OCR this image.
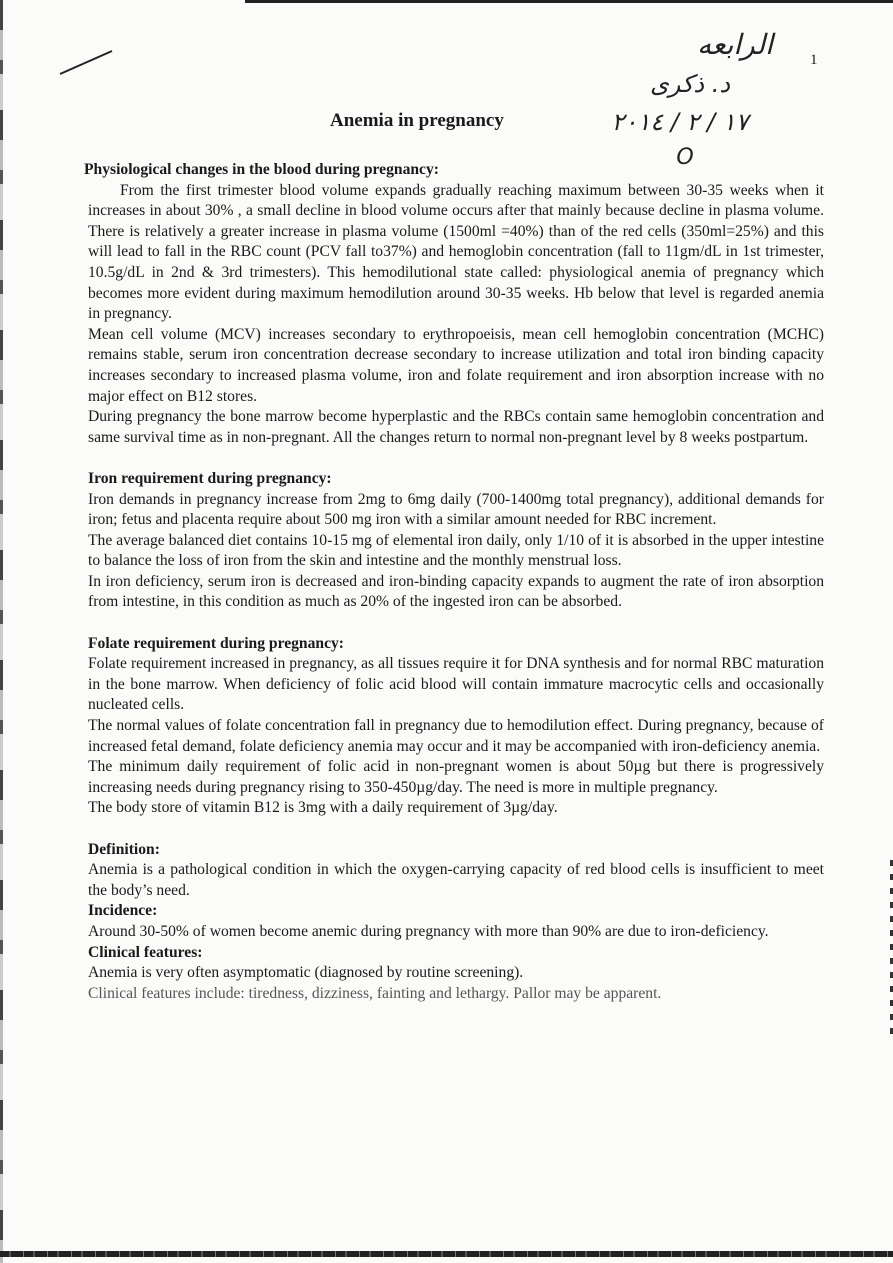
1
الرابعه
د. ذكرى
١٧ / ٢ / ٢٠١٤
O
Anemia in pregnancy
Physiological changes in the blood during pregnancy:

From the first trimester blood volume expands gradually reaching maximum between 30-35 weeks when it increases in about 30% , a small decline in blood volume occurs after that mainly because decline in plasma volume. There is relatively a greater increase in plasma volume (1500ml =40%) than of the red cells (350ml=25%) and this will lead to fall in the RBC count (PCV fall to37%) and hemoglobin concentration (fall to 11gm/dL in 1st trimester, 10.5g/dL in 2nd & 3rd trimesters). This hemodilutional state called: physiological anemia of pregnancy which becomes more evident during maximum hemodilution around 30-35 weeks. Hb below that level is regarded anemia in pregnancy.

Mean cell volume (MCV) increases secondary to erythropoeisis, mean cell hemoglobin concentration (MCHC) remains stable, serum iron concentration decrease secondary to increase utilization and total iron binding capacity increases secondary to increased plasma volume, iron and folate requirement and iron absorption increase with no major effect on B12 stores.

During pregnancy the bone marrow become hyperplastic and the RBCs contain same hemoglobin concentration and same survival time as in non-pregnant. All the changes return to normal non-pregnant level by 8 weeks postpartum.

Iron requirement during pregnancy:

Iron demands in pregnancy increase from 2mg to 6mg daily (700-1400mg total pregnancy), additional demands for iron; fetus and placenta require about 500 mg iron with a similar amount needed for RBC increment.

The average balanced diet contains 10-15 mg of elemental iron daily, only 1/10 of it is absorbed in the upper intestine to balance the loss of iron from the skin and intestine and the monthly menstrual loss.

In iron deficiency, serum iron is decreased and iron-binding capacity expands to augment the rate of iron absorption from intestine, in this condition as much as 20% of the ingested iron can be absorbed.

Folate requirement during pregnancy:

Folate requirement increased in pregnancy, as all tissues require it for DNA synthesis and for normal RBC maturation in the bone marrow. When deficiency of folic acid blood will contain immature macrocytic cells and occasionally nucleated cells.

The normal values of folate concentration fall in pregnancy due to hemodilution effect. During pregnancy, because of increased fetal demand, folate deficiency anemia may occur and it may be accompanied with iron-deficiency anemia.

The minimum daily requirement of folic acid in non-pregnant women is about 50µg but there is progressively increasing needs during pregnancy rising to 350-450µg/day. The need is more in multiple pregnancy.

The body store of vitamin B12 is 3mg with a daily requirement of 3µg/day.

Definition:

Anemia is a pathological condition in which the oxygen-carrying capacity of red blood cells is insufficient to meet the body’s need.

Incidence:

Around 30-50% of women become anemic during pregnancy with more than 90% are due to iron-deficiency.

Clinical features:

Anemia is very often asymptomatic (diagnosed by routine screening).

Clinical features include: tiredness, dizziness, fainting and lethargy. Pallor may be apparent.
